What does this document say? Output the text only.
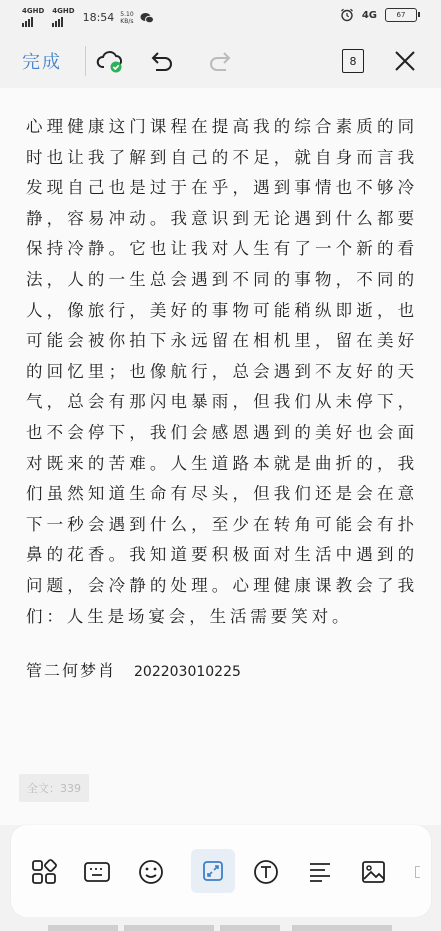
4GHD 4GHD 18:54 5.10
KB/s
4G	67
完成	8
心理健康这门课程在提高我的综合素质的同时也让我了解到自己的不足，就自身而言我发现自己也是过于在乎，遇到事情也不够冷静，容易冲动。我意识到无论遇到什么都要保持冷静。它也让我对人生有了一个新的看法，人的一生总会遇到不同的事物，不同的人，像旅行，美好的事物可能稍纵即逝，也可能会被你拍下永远留在相机里，留在美好的回忆里；也像航行，总会遇到不友好的天气，总会有那闪电暴雨，但我们从未停下，也不会停下，我们会感恩遇到的美好也会面对既来的苦难。人生道路本就是曲折的，我们虽然知道生命有尽头，但我们还是会在意下一秒会遇到什么，至少在转角可能会有扑鼻的花香。我知道要积极面对生活中遇到的问题，会冷静的处理。心理健康课教会了我们：人生是场宴会，生活需要笑对。
管二何梦肖 202203010225
全文：339
